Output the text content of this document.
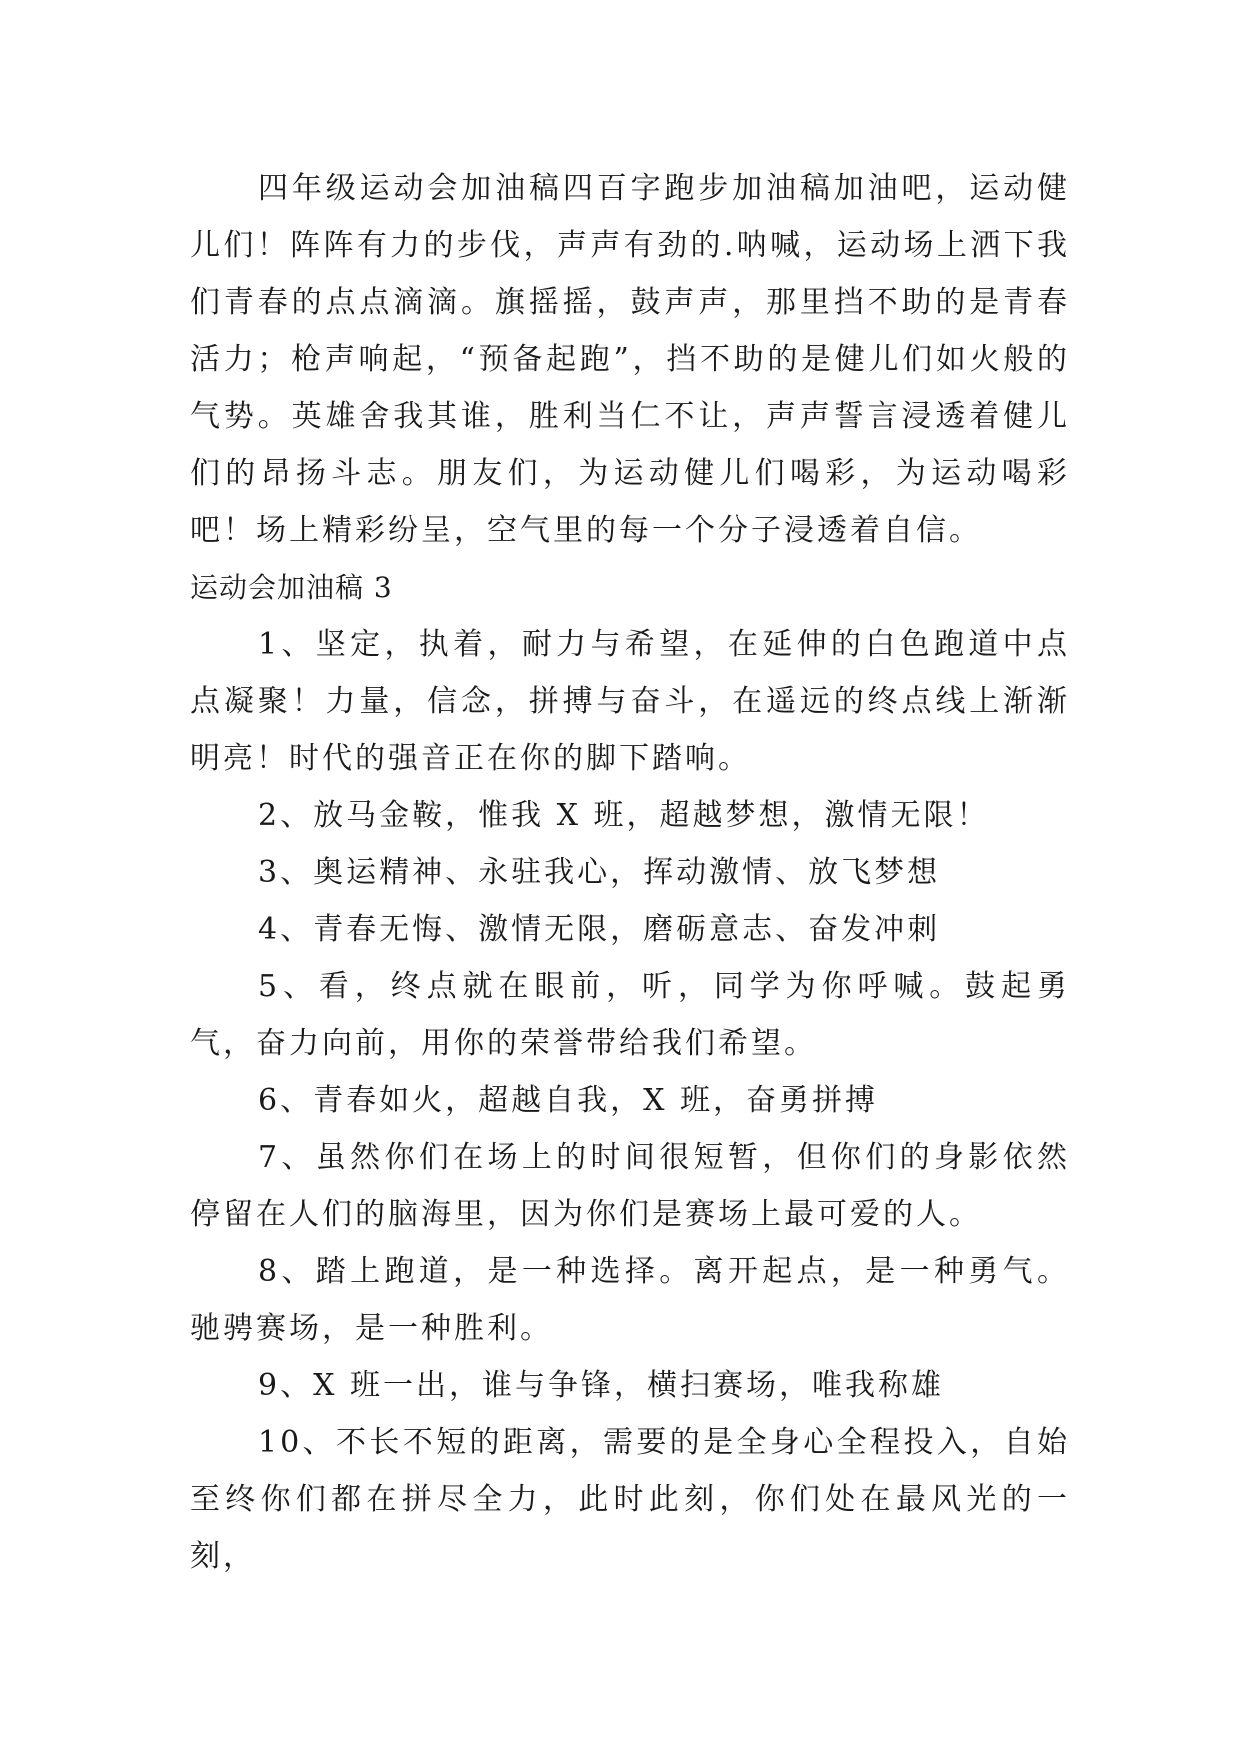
四年级运动会加油稿四百字跑步加油稿加油吧，运动健儿们！阵阵有力的步伐，声声有劲的.呐喊，运动场上洒下我们青春的点点滴滴。旗摇摇，鼓声声，那里挡不助的是青春活力；枪声响起，“预备起跑”，挡不助的是健儿们如火般的气势。英雄舍我其谁，胜利当仁不让，声声誓言浸透着健儿们的昂扬斗志。朋友们，为运动健儿们喝彩，为运动喝彩吧！场上精彩纷呈，空气里的每一个分子浸透着自信。

运动会加油稿 3

1、坚定，执着，耐力与希望，在延伸的白色跑道中点点凝聚！力量，信念，拼搏与奋斗，在遥远的终点线上渐渐明亮！时代的强音正在你的脚下踏响。

2、放马金鞍，惟我 X 班，超越梦想，激情无限！

3、奥运精神、永驻我心，挥动激情、放飞梦想

4、青春无悔、激情无限，磨砺意志、奋发冲刺

5、看，终点就在眼前，听，同学为你呼喊。鼓起勇气，奋力向前，用你的荣誉带给我们希望。

6、青春如火，超越自我，X 班，奋勇拼搏

7、虽然你们在场上的时间很短暂，但你们的身影依然停留在人们的脑海里，因为你们是赛场上最可爱的人。

8、踏上跑道，是一种选择。离开起点，是一种勇气。驰骋赛场，是一种胜利。

9、X 班一出，谁与争锋，横扫赛场，唯我称雄

10、不长不短的距离，需要的是全身心全程投入，自始至终你们都在拼尽全力，此时此刻，你们处在最风光的一刻，
